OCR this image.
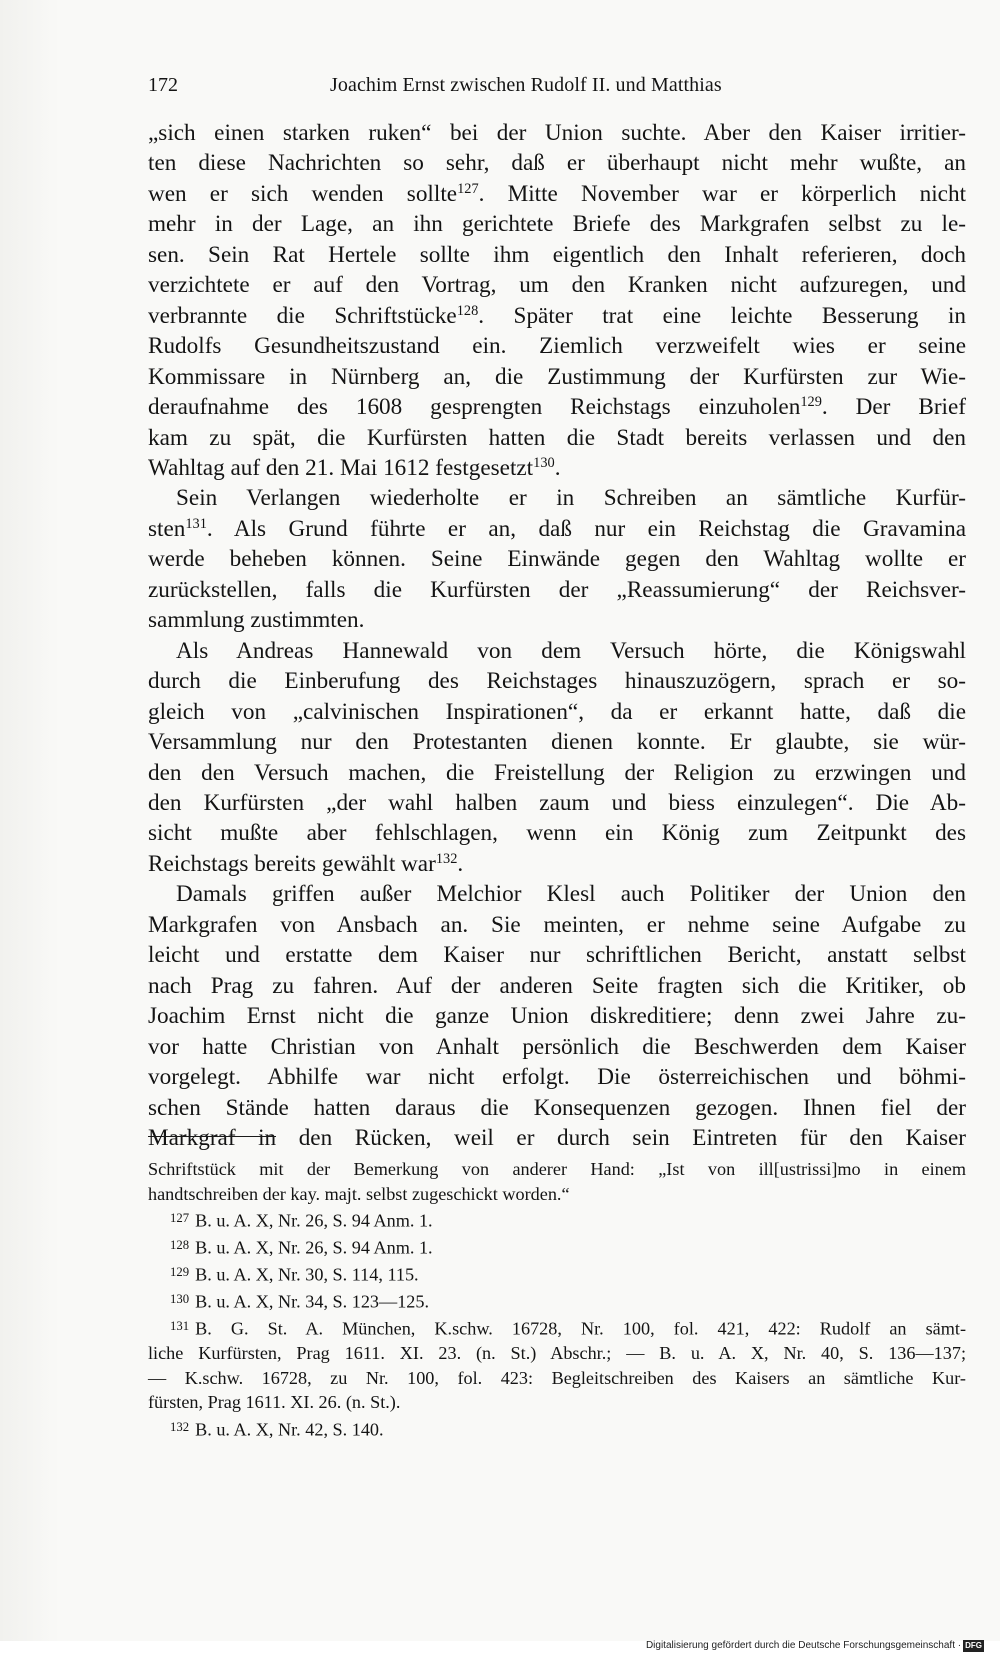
172	Joachim Ernst zwischen Rudolf II. und Matthias
„sich einen starken ruken“ bei der Union suchte. Aber den Kaiser irritier-
ten diese Nachrichten so sehr, daß er überhaupt nicht mehr wußte, an
wen er sich wenden sollte$^{127}$. Mitte November war er körperlich nicht
mehr in der Lage, an ihn gerichtete Briefe des Markgrafen selbst zu le-
sen. Sein Rat Hertele sollte ihm eigentlich den Inhalt referieren, doch
verzichtete er auf den Vortrag, um den Kranken nicht aufzuregen, und
verbrannte die Schriftstücke$^{128}$. Später trat eine leichte Besserung in
Rudolfs Gesundheitszustand ein. Ziemlich verzweifelt wies er seine
Kommissare in Nürnberg an, die Zustimmung der Kurfürsten zur Wie-
deraufnahme des 1608 gesprengten Reichstags einzuholen$^{129}$. Der Brief
kam zu spät, die Kurfürsten hatten die Stadt bereits verlassen und den
Wahltag auf den 21. Mai 1612 festgesetzt$^{130}$.
Sein Verlangen wiederholte er in Schreiben an sämtliche Kurfür-
sten$^{131}$. Als Grund führte er an, daß nur ein Reichstag die Gravamina
werde beheben können. Seine Einwände gegen den Wahltag wollte er
zurückstellen, falls die Kurfürsten der „Reassumierung“ der Reichsver-
sammlung zustimmten.
Als Andreas Hannewald von dem Versuch hörte, die Königswahl
durch die Einberufung des Reichstages hinauszuzögern, sprach er so-
gleich von „calvinischen Inspirationen“, da er erkannt hatte, daß die
Versammlung nur den Protestanten dienen konnte. Er glaubte, sie wür-
den den Versuch machen, die Freistellung der Religion zu erzwingen und
den Kurfürsten „der wahl halben zaum und biess einzulegen“. Die Ab-
sicht mußte aber fehlschlagen, wenn ein König zum Zeitpunkt des
Reichstags bereits gewählt war$^{132}$.
Damals griffen außer Melchior Klesl auch Politiker der Union den
Markgrafen von Ansbach an. Sie meinten, er nehme seine Aufgabe zu
leicht und erstatte dem Kaiser nur schriftlichen Bericht, anstatt selbst
nach Prag zu fahren. Auf der anderen Seite fragten sich die Kritiker, ob
Joachim Ernst nicht die ganze Union diskreditiere; denn zwei Jahre zu-
vor hatte Christian von Anhalt persönlich die Beschwerden dem Kaiser
vorgelegt. Abhilfe war nicht erfolgt. Die österreichischen und böhmi-
schen Stände hatten daraus die Konsequenzen gezogen. Ihnen fiel der
Markgraf in den Rücken, weil er durch sein Eintreten für den Kaiser
Schriftstück mit der Bemerkung von anderer Hand: „Ist von ill[ustrissi]mo in einem
handtschreiben der kay. majt. selbst zugeschickt worden.“
$^{127}$ B. u. A. X, Nr. 26, S. 94 Anm. 1.
$^{128}$ B. u. A. X, Nr. 26, S. 94 Anm. 1.
$^{129}$ B. u. A. X, Nr. 30, S. 114, 115.
$^{130}$ B. u. A. X, Nr. 34, S. 123—125.
$^{131}$ B. G. St. A. München, K.schw. 16728, Nr. 100, fol. 421, 422: Rudolf an sämt-
liche Kurfürsten, Prag 1611. XI. 23. (n. St.) Abschr.; — B. u. A. X, Nr. 40, S. 136—137;
— K.schw. 16728, zu Nr. 100, fol. 423: Begleitschreiben des Kaisers an sämtliche Kur-
fürsten, Prag 1611. XI. 26. (n. St.).
$^{132}$ B. u. A. X, Nr. 42, S. 140.
Digitalisierung gefördert durch die Deutsche Forschungsgemeinschaft · DFG
